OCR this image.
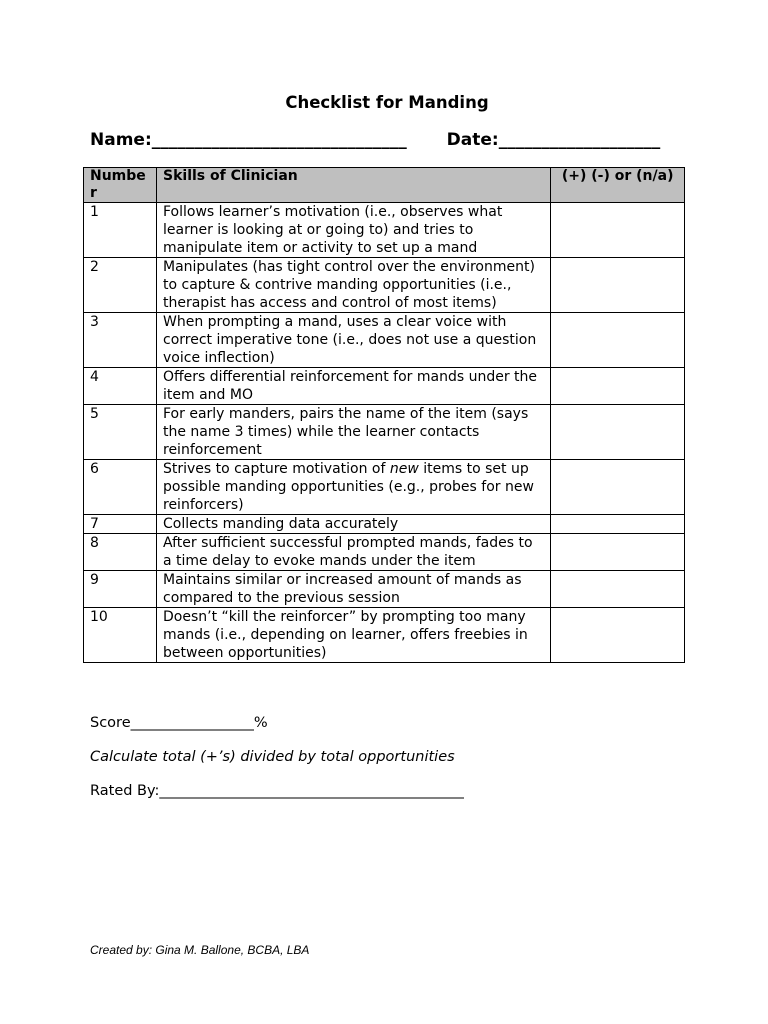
Checklist for Manding
Name:______________________________ Date:___________________
Number	Skills of Clinician	(+) (-) or (n/a)
1	Follows learner’s motivation (i.e., observes what learner is looking at or going to) and tries to manipulate item or activity to set up a mand	
2	Manipulates (has tight control over the environment) to capture & contrive manding opportunities (i.e., therapist has access and control of most items)	
3	When prompting a mand, uses a clear voice with correct imperative tone (i.e., does not use a question voice inflection)	
4	Offers differential reinforcement for mands under the item and MO	
5	For early manders, pairs the name of the item (says the name 3 times) while the learner contacts reinforcement	
6	Strives to capture motivation of new items to set up possible manding opportunities (e.g., probes for new reinforcers)	
7	Collects manding data accurately	
8	After sufficient successful prompted mands, fades to a time delay to evoke mands under the item	
9	Maintains similar or increased amount of mands as compared to the previous session	
10	Doesn’t “kill the reinforcer” by prompting too many mands (i.e., depending on learner, offers freebies in between opportunities)	
Score_________________%
Calculate total (+’s) divided by total opportunities
Rated By:__________________________________________
Created by: Gina M. Ballone, BCBA, LBA
